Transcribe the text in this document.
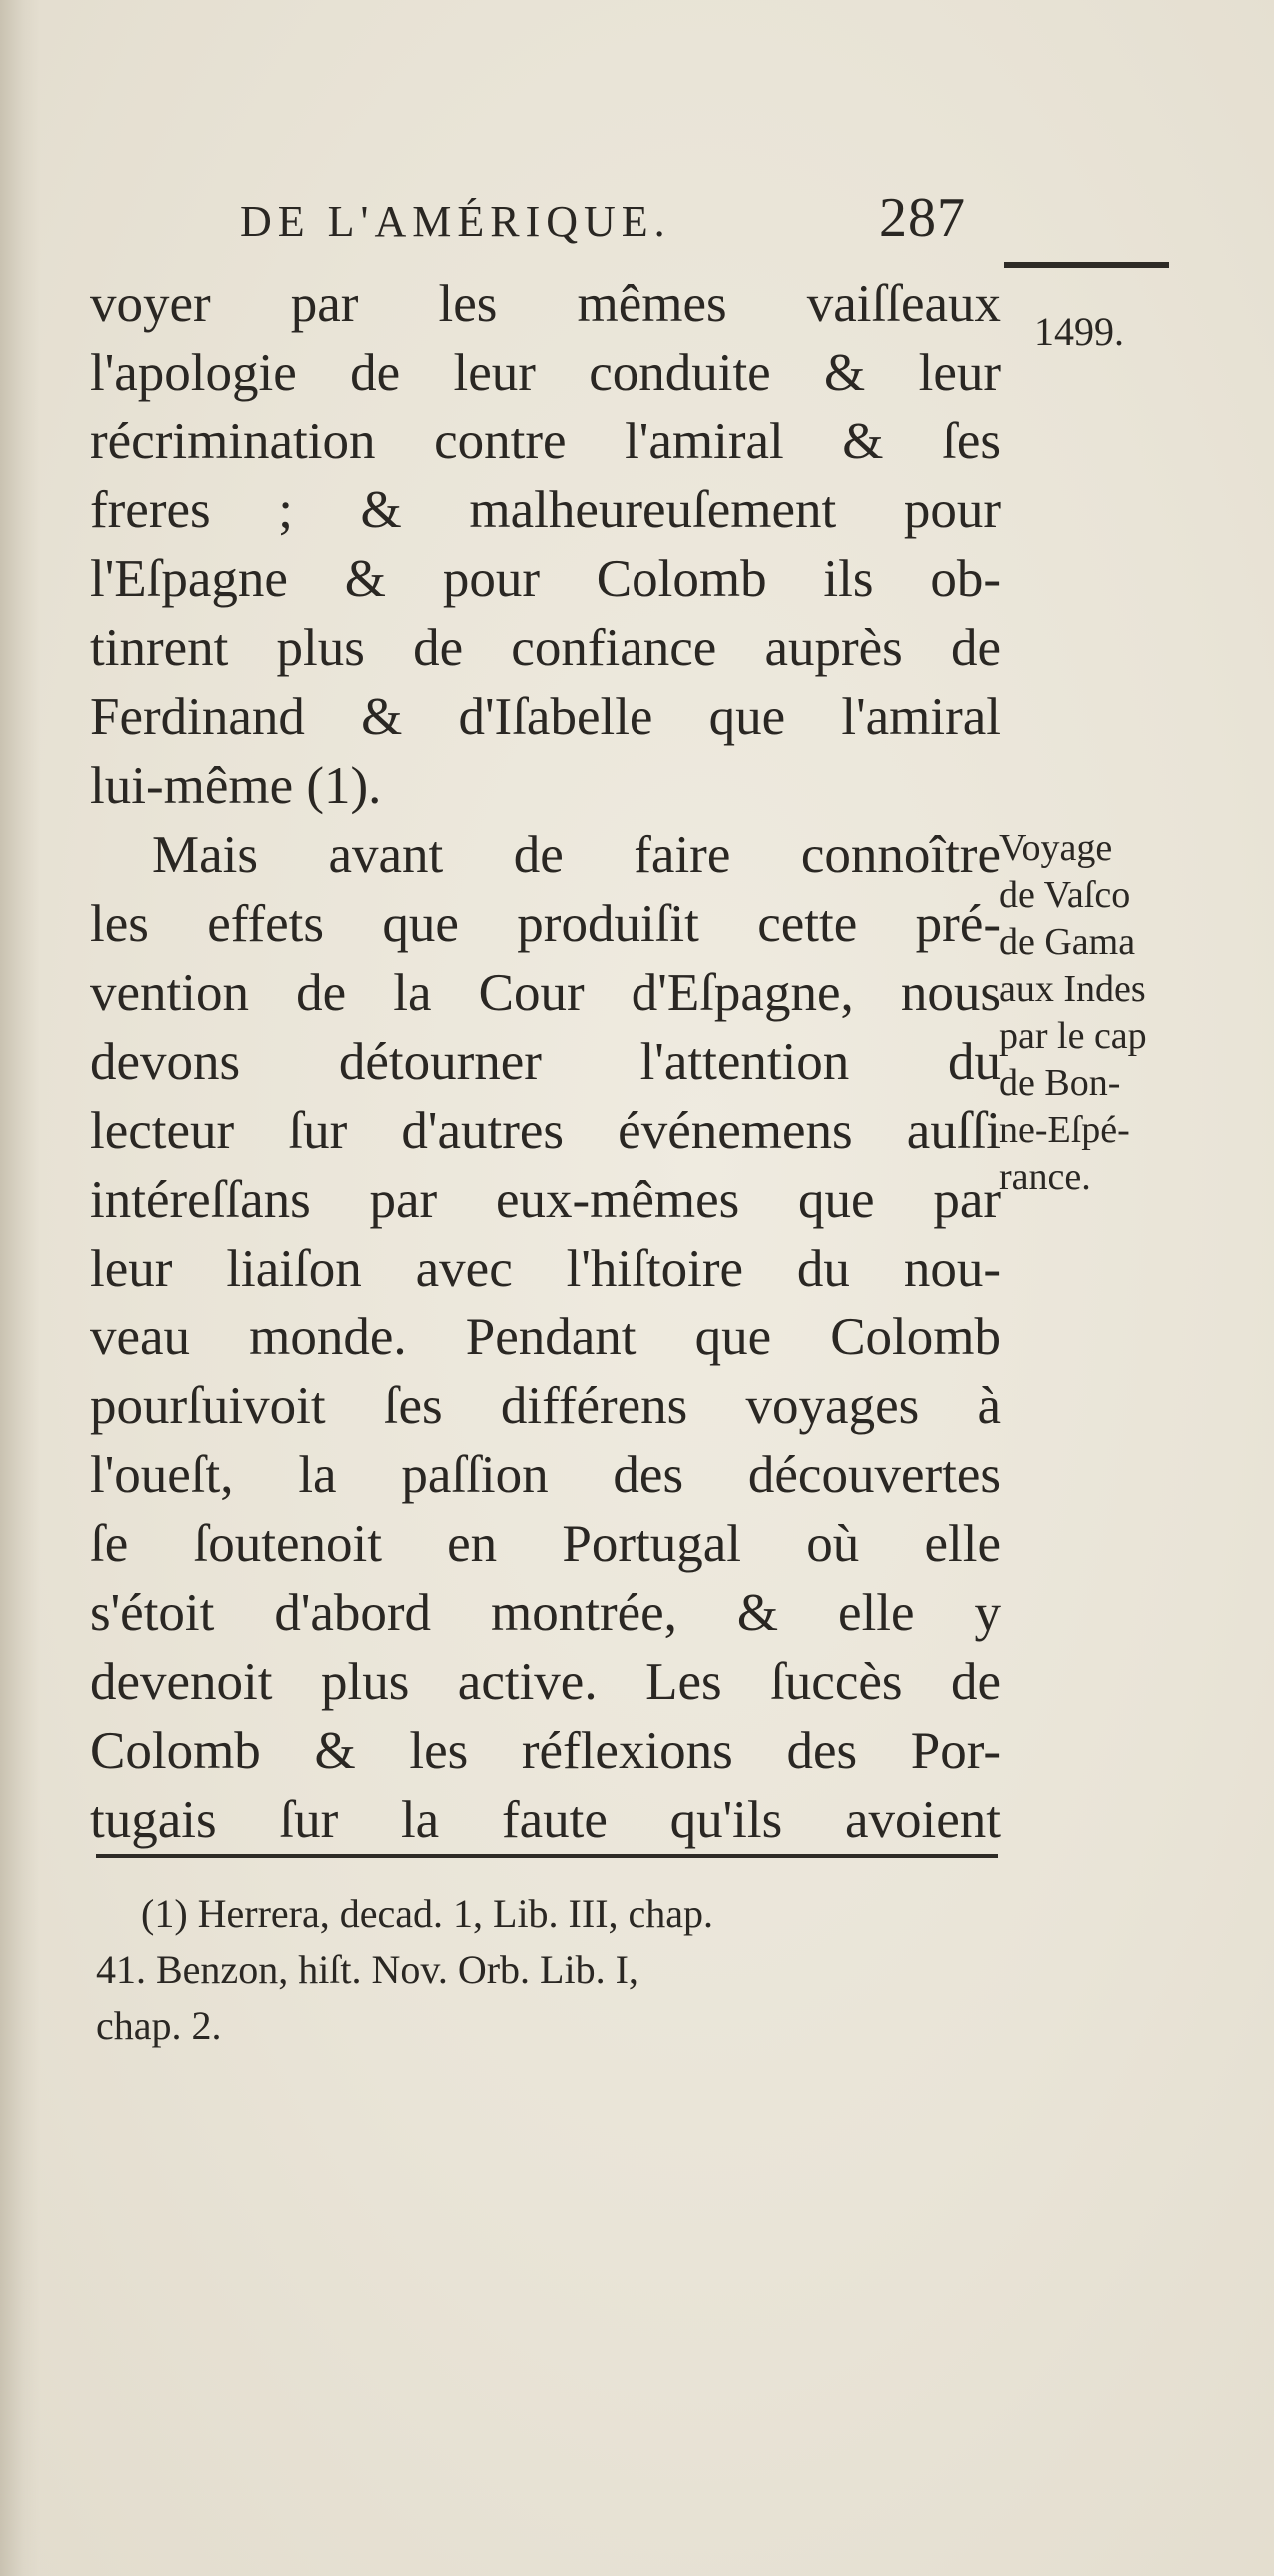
DE L'AMÉRIQUE.	287
1499.
voyer par les mêmes vaiſſeaux
l'apologie de leur conduite & leur
récrimination contre l'amiral & ſes
freres ; & malheureuſement pour
l'Eſpagne & pour Colomb ils ob-
tinrent plus de confiance auprès de
Ferdinand & d'Iſabelle que l'amiral
lui-même (1).
Mais avant de faire connoître
les effets que produiſit cette pré-
vention de la Cour d'Eſpagne, nous
devons détourner l'attention du
lecteur ſur d'autres événemens auſſi
intéreſſans par eux-mêmes que par
leur liaiſon avec l'hiſtoire du nou-
veau monde. Pendant que Colomb
pourſuivoit ſes différens voyages à
l'oueſt, la paſſion des découvertes
ſe ſoutenoit en Portugal où elle
s'étoit d'abord montrée, & elle y
devenoit plus active. Les ſuccès de
Colomb & les réflexions des Por-
tugais ſur la faute qu'ils avoient
Voyage
de Vaſco
de Gama
aux Indes
par le cap
de Bon-
ne-Eſpé-
rance.
(1) Herrera, decad. 1, Lib. III, chap.
41. Benzon, hiſt. Nov. Orb. Lib. I,
chap. 2.
